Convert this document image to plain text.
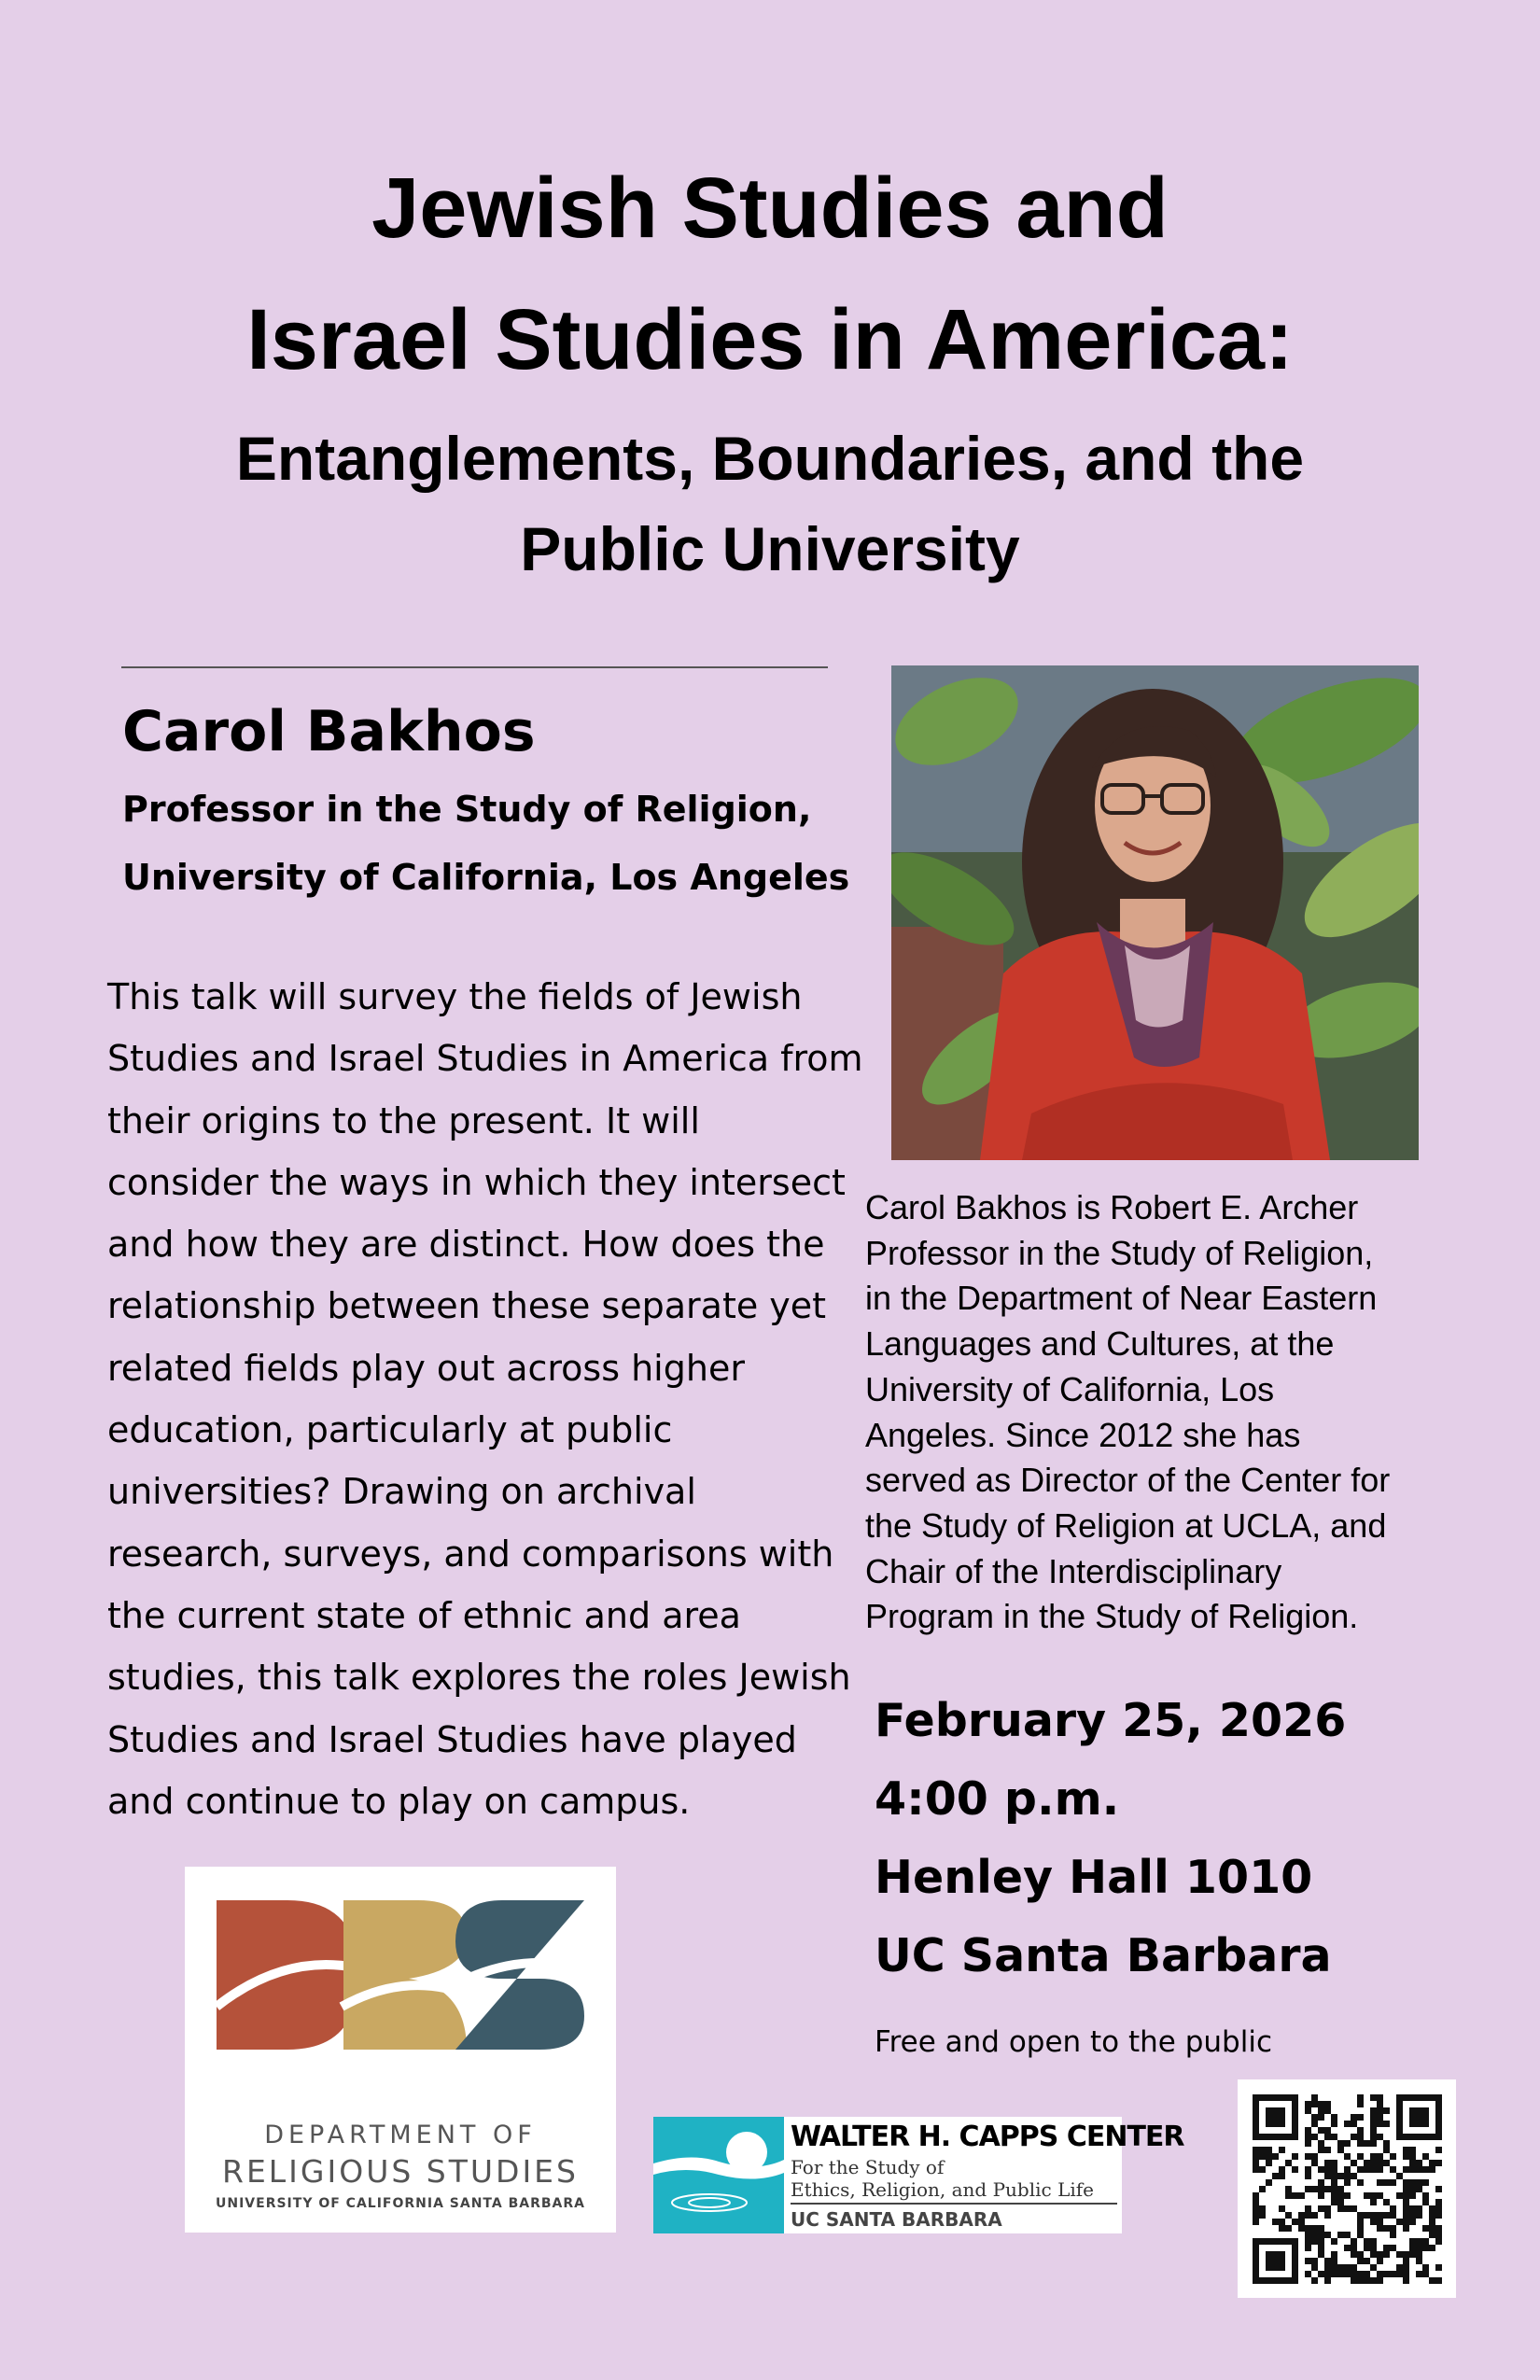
Jewish Studies and
Israel Studies in America:
Entanglements, Boundaries, and the
Public University
Carol Bakhos
Professor in the Study of Religion,
University of California, Los Angeles
This talk will survey the fields of Jewish
Studies and Israel Studies in America from
their origins to the present. It will
consider the ways in which they intersect
and how they are distinct. How does the
relationship between these separate yet
related fields play out across higher
education, particularly at public
universities? Drawing on archival
research, surveys, and comparisons with
the current state of ethnic and area
studies, this talk explores the roles Jewish
Studies and Israel Studies have played
and continue to play on campus.
Carol Bakhos is Robert E. Archer
Professor in the Study of Religion,
in the Department of Near Eastern
Languages and Cultures, at the
University of California, Los
Angeles. Since 2012 she has
served as Director of the Center for
the Study of Religion at UCLA, and
Chair of the Interdisciplinary
Program in the Study of Religion.
February 25, 2026
4:00 p.m.
Henley Hall 1010
UC Santa Barbara
Free and open to the public
DEPARTMENT OF
RELIGIOUS STUDIES
UNIVERSITY OF CALIFORNIA SANTA BARBARA
WALTER H. CAPPS CENTER
For the Study of
Ethics, Religion, and Public Life
UC SANTA BARBARA
